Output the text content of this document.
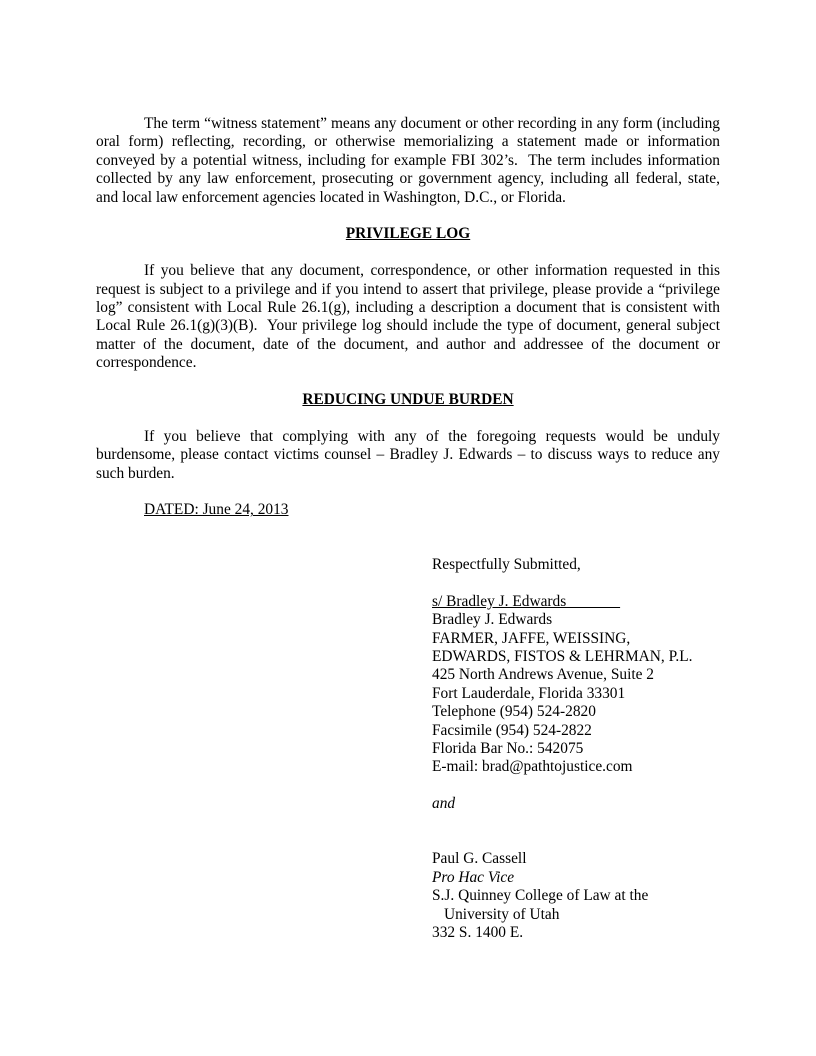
The term “witness statement” means any document or other recording in any form (including oral form) reflecting, recording, or otherwise memorializing a statement made or information conveyed by a potential witness, including for example FBI 302’s.  The term includes information collected by any law enforcement, prosecuting or government agency, including all federal, state, and local law enforcement agencies located in Washington, D.C., or Florida.

PRIVILEGE LOG

If you believe that any document, correspondence, or other information requested in this request is subject to a privilege and if you intend to assert that privilege, please provide a “privilege log” consistent with Local Rule 26.1(g), including a description a document that is consistent with Local Rule 26.1(g)(3)(B).  Your privilege log should include the type of document, general subject matter of the document, date of the document, and author and addressee of the document or correspondence.

REDUCING UNDUE BURDEN

If you believe that complying with any of the foregoing requests would be unduly burdensome, please contact victims counsel – Bradley J. Edwards – to discuss ways to reduce any such burden.

DATED: June 24, 2013

Respectfully Submitted,
s/ Bradley J. Edwards
Bradley J. Edwards
FARMER, JAFFE, WEISSING,
EDWARDS, FISTOS & LEHRMAN, P.L.
425 North Andrews Avenue, Suite 2
Fort Lauderdale, Florida 33301
Telephone (954) 524-2820
Facsimile (954) 524-2822
Florida Bar No.: 542075
E-mail: brad@pathtojustice.com
and
Paul G. Cassell
Pro Hac Vice
S.J. Quinney College of Law at the
University of Utah
332 S. 1400 E.
